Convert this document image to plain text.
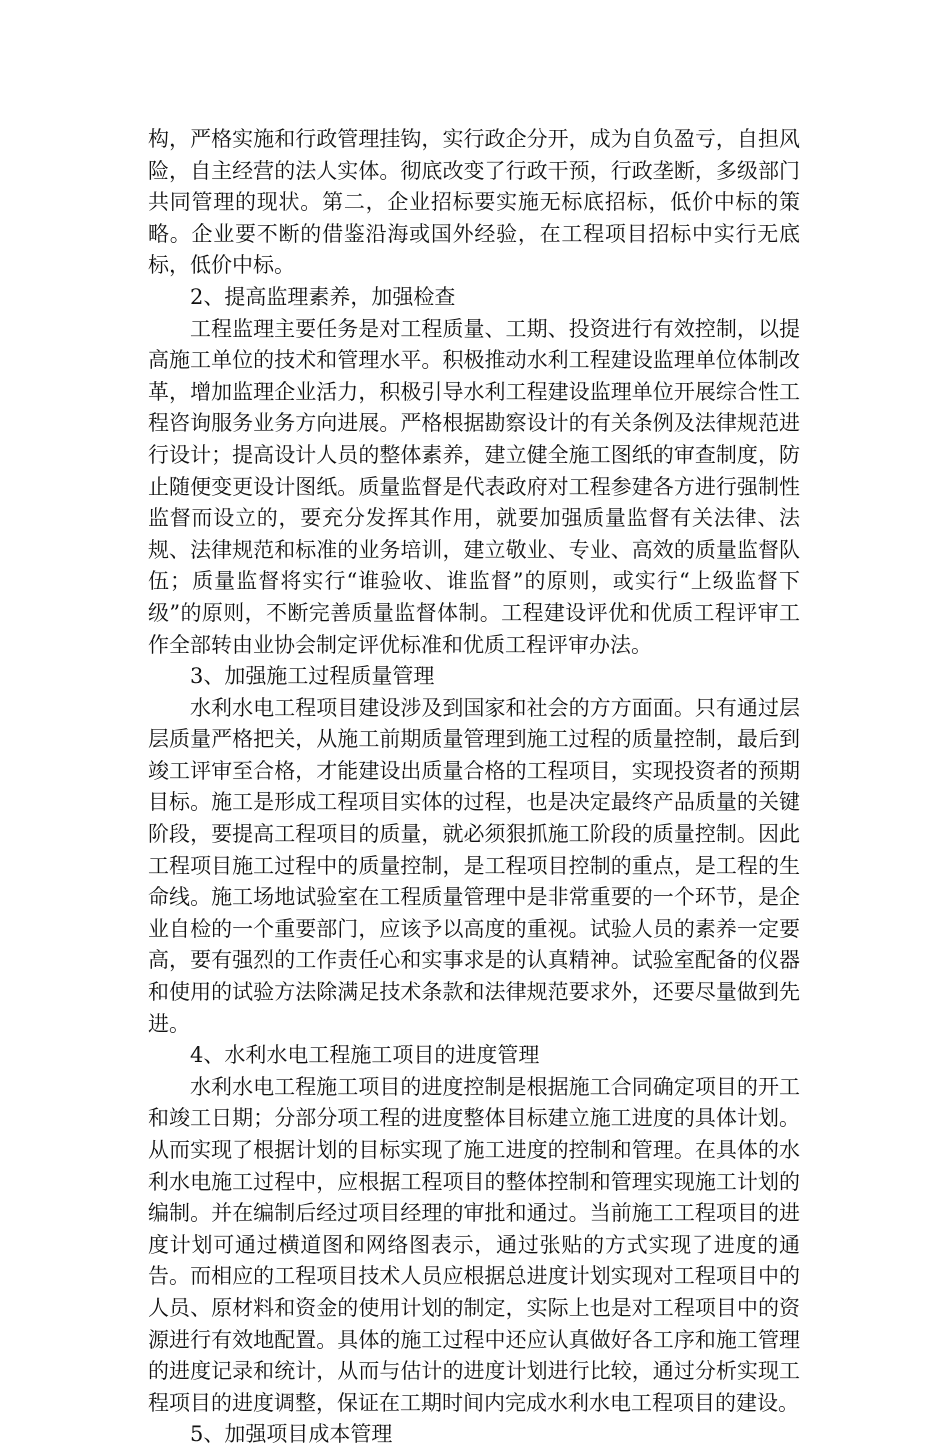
构，严格实施和行政管理挂钩，实行政企分开，成为自负盈亏，自担风险，自主经营的法人实体。彻底改变了行政干预，行政垄断，多级部门共同管理的现状。第二，企业招标要实施无标底招标，低价中标的策略。企业要不断的借鉴沿海或国外经验，在工程项目招标中实行无底标，低价中标。

2、提高监理素养，加强检查

工程监理主要任务是对工程质量、工期、投资进行有效控制，以提高施工单位的技术和管理水平。积极推动水利工程建设监理单位体制改革，增加监理企业活力，积极引导水利工程建设监理单位开展综合性工程咨询服务业务方向进展。严格根据勘察设计的有关条例及法律规范进行设计；提高设计人员的整体素养，建立健全施工图纸的审查制度，防止随便变更设计图纸。质量监督是代表政府对工程参建各方进行强制性监督而设立的，要充分发挥其作用，就要加强质量监督有关法律、法规、法律规范和标准的业务培训，建立敬业、专业、高效的质量监督队伍；质量监督将实行“谁验收、谁监督”的原则，或实行“上级监督下级”的原则，不断完善质量监督体制。工程建设评优和优质工程评审工作全部转由业协会制定评优标准和优质工程评审办法。

3、加强施工过程质量管理

水利水电工程项目建设涉及到国家和社会的方方面面。只有通过层层质量严格把关，从施工前期质量管理到施工过程的质量控制，最后到竣工评审至合格，才能建设出质量合格的工程项目，实现投资者的预期目标。施工是形成工程项目实体的过程，也是决定最终产品质量的关键阶段，要提高工程项目的质量，就必须狠抓施工阶段的质量控制。因此工程项目施工过程中的质量控制，是工程项目控制的重点，是工程的生命线。施工场地试验室在工程质量管理中是非常重要的一个环节，是企业自检的一个重要部门，应该予以高度的重视。试验人员的素养一定要高，要有强烈的工作责任心和实事求是的认真精神。试验室配备的仪器和使用的试验方法除满足技术条款和法律规范要求外，还要尽量做到先进。

4、水利水电工程施工项目的进度管理

水利水电工程施工项目的进度控制是根据施工合同确定项目的开工和竣工日期；分部分项工程的进度整体目标建立施工进度的具体计划。从而实现了根据计划的目标实现了施工进度的控制和管理。在具体的水利水电施工过程中，应根据工程项目的整体控制和管理实现施工计划的编制。并在编制后经过项目经理的审批和通过。当前施工工程项目的进度计划可通过横道图和网络图表示，通过张贴的方式实现了进度的通告。而相应的工程项目技术人员应根据总进度计划实现对工程项目中的人员、原材料和资金的使用计划的制定，实际上也是对工程项目中的资源进行有效地配置。具体的施工过程中还应认真做好各工序和施工管理的进度记录和统计，从而与估计的进度计划进行比较，通过分析实现工程项目的进度调整，保证在工期时间内完成水利水电工程项目的建设。

5、加强项目成本管理
